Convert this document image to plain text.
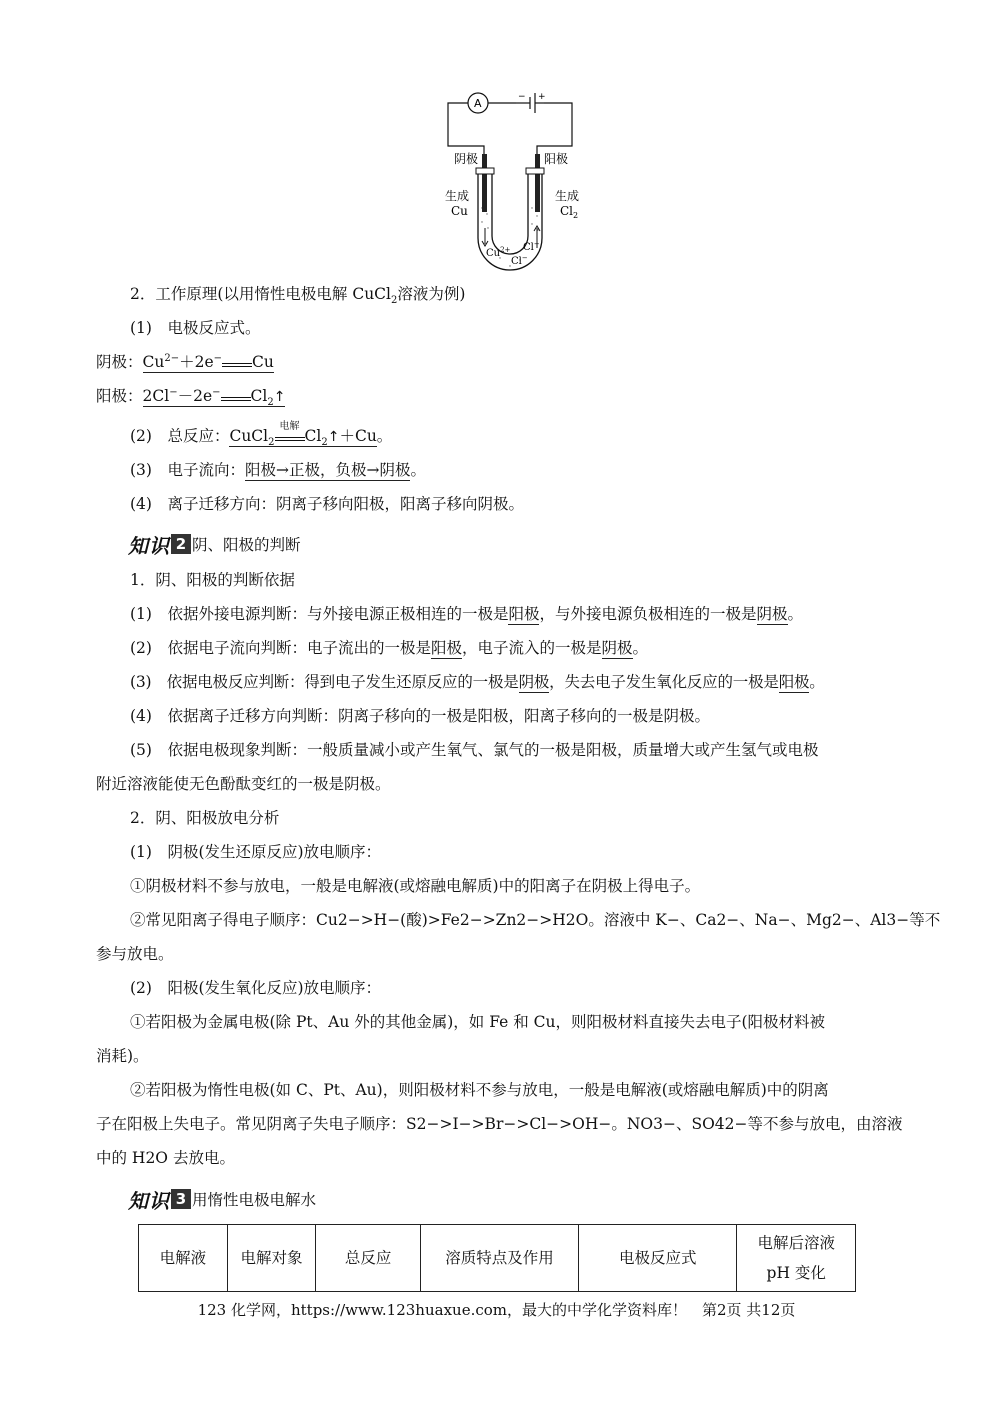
− +
A
阴极	阳极
生成
Cu
生成
$Cl_2$
$Cu^{2+}$
Cl−
Cl−
2．工作原理(以用惰性电极电解 CuCl$_2$溶液为例)
(1)　电极反应式。
阴极：$Cu^{2-}+2e^-$ Cu
阳极：2Cl−－2e− $Cl_2↑$
(2)　总反应：CuCl$_2$
电解
$Cl_2↑+Cu$。
(3)　电子流向：阳极→正极，负极→阴极。
(4)　离子迁移方向：阴离子移向阳极，阳离子移向阴极。
知识 2 阴、阳极的判断
1．阴、阳极的判断依据
(1)　依据外接电源判断：与外接电源正极相连的一极是阳极，与外接电源负极相连的一极是阴极。
(2)　依据电子流向判断：电子流出的一极是阳极，电子流入的一极是阴极。
(3)　依据电极反应判断：得到电子发生还原反应的一极是阴极，失去电子发生氧化反应的一极是阳极。
(4)　依据离子迁移方向判断：阴离子移向的一极是阳极，阳离子移向的一极是阴极。
(5)　依据电极现象判断：一般质量减小或产生氧气、氯气的一极是阳极，质量增大或产生氢气或电极
附近溶液能使无色酚酞变红的一极是阴极。
2．阴、阳极放电分析
(1)　阴极(发生还原反应)放电顺序：
①阴极材料不参与放电，一般是电解液(或熔融电解质)中的阳离子在阴极上得电子。
②常见阳离子得电子顺序：Cu2−>H−(酸)>Fe2−>Zn2−>H2O。溶液中 K−、Ca2−、Na−、Mg2−、Al3−等不
参与放电。
(2)　阳极(发生氧化反应)放电顺序：
①若阳极为金属电极(除 Pt、Au 外的其他金属)，如 Fe 和 Cu，则阳极材料直接失去电子(阳极材料被
消耗)。
②若阳极为惰性电极(如 C、Pt、Au)，则阳极材料不参与放电，一般是电解液(或熔融电解质)中的阴离
子在阳极上失电子。常见阴离子失电子顺序：S2−>I−>Br−>Cl−>OH−。NO3−、SO42−等不参与放电，由溶液
中的 H2O 去放电。
知识 3 用惰性电极电解水
电解液	电解对象	总反应	溶质特点及作用	电极反应式	电解后溶液
pH 变化
123 化学网，https://www.123huaxue.com，最大的中学化学资料库！　第2页 共12页
